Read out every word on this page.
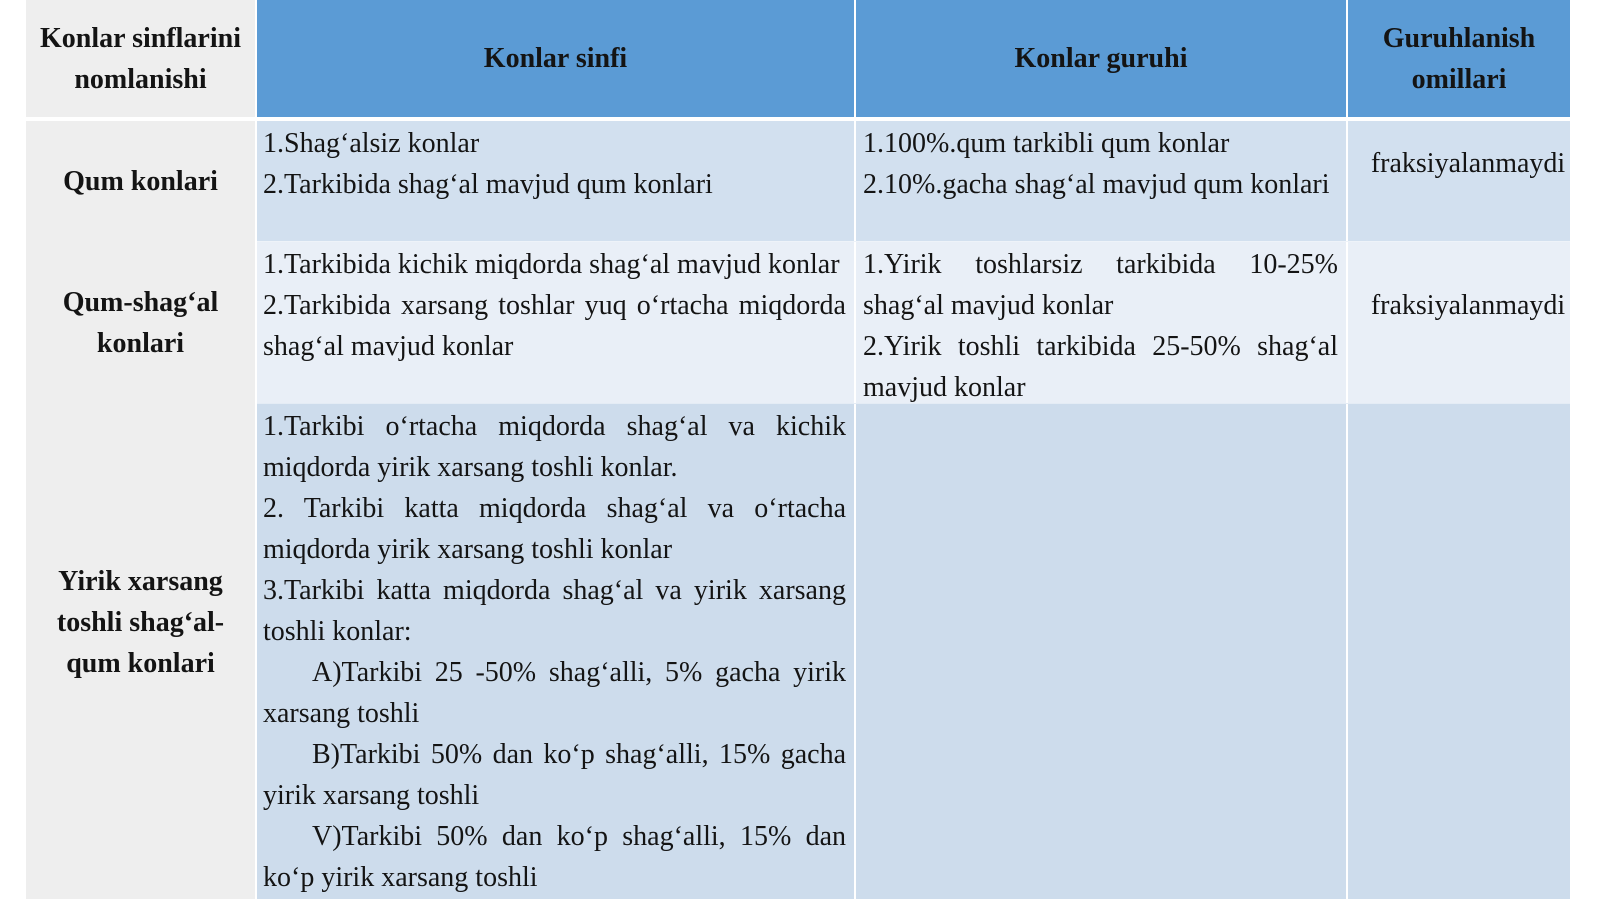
Konlar sinflarini nomlanishi
Konlar sinfi	Konlar guruhi
Guruhlanish omillari
Qum konlari

1.Shag‘alsiz konlar

2.Tarkibida shag‘al mavjud qum konlari

1.100%.qum tarkibli qum konlar

2.10%.gacha shag‘al mavjud qum konlari

fraksiyalanmaydi
Qum-shag‘al konlari

1.Tarkibida kichik miqdorda shag‘al mavjud konlar

2.Tarkibida xarsang toshlar yuq o‘rtacha miqdorda shag‘al mavjud konlar

1.Yirik toshlarsiz tarkibida 10-25% shag‘al mavjud konlar

2.Yirik toshli tarkibida 25-50% shag‘al mavjud konlar

fraksiyalanmaydi
Yirik xarsang toshli shag‘al-qum konlari

1.Tarkibi o‘rtacha miqdorda shag‘al va kichik miqdorda yirik xarsang toshli konlar.

2. Tarkibi katta miqdorda shag‘al va o‘rtacha miqdorda yirik xarsang toshli konlar

3.Tarkibi katta miqdorda shag‘al va yirik xarsang toshli konlar:

A)Tarkibi 25 -50% shag‘alli, 5% gacha yirik xarsang toshli

B)Tarkibi 50% dan ko‘p shag‘alli, 15% gacha yirik xarsang toshli

V)Tarkibi 50% dan ko‘p shag‘alli, 15% dan ko‘p yirik xarsang toshli
